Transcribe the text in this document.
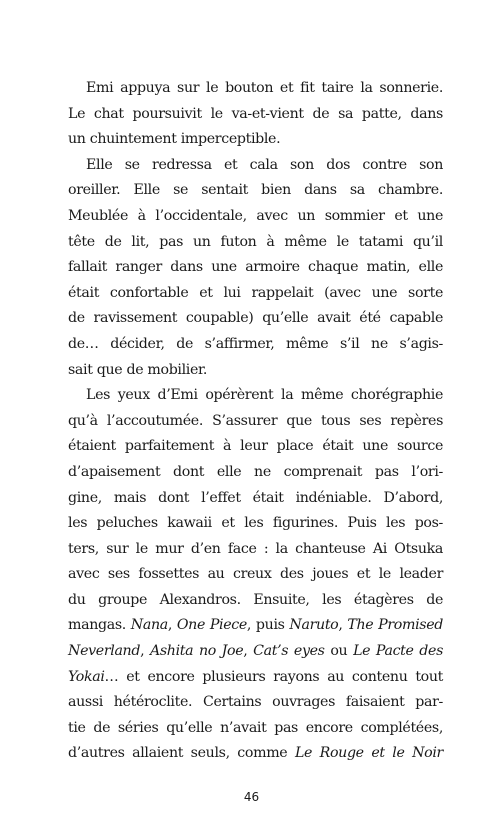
Emi appuya sur le bouton et fit taire la sonnerie.
Le chat poursuivit le va-et-vient de sa patte, dans
un chuintement imperceptible.
Elle se redressa et cala son dos contre son
oreiller. Elle se sentait bien dans sa chambre.
Meublée à l’occidentale, avec un sommier et une
tête de lit, pas un futon à même le tatami qu’il
fallait ranger dans une armoire chaque matin, elle
était confortable et lui rappelait (avec une sorte
de ravissement coupable) qu’elle avait été capable
de… décider, de s’affirmer, même s’il ne s’agis-
sait que de mobilier.
Les yeux d’Emi opérèrent la même chorégraphie
qu’à l’accoutumée. S’assurer que tous ses repères
étaient parfaitement à leur place était une source
d’apaisement dont elle ne comprenait pas l’ori-
gine, mais dont l’effet était indéniable. D’abord,
les peluches kawaii et les figurines. Puis les pos-
ters, sur le mur d’en face : la chanteuse Ai Otsuka
avec ses fossettes au creux des joues et le leader
du groupe Alexandros. Ensuite, les étagères de
mangas. Nana, One Piece, puis Naruto, The Promised
Neverland, Ashita no Joe, Cat’s eyes ou Le Pacte des
Yokai… et encore plusieurs rayons au contenu tout
aussi hétéroclite. Certains ouvrages faisaient par-
tie de séries qu’elle n’avait pas encore complétées,
d’autres allaient seuls, comme Le Rouge et le Noir
46
